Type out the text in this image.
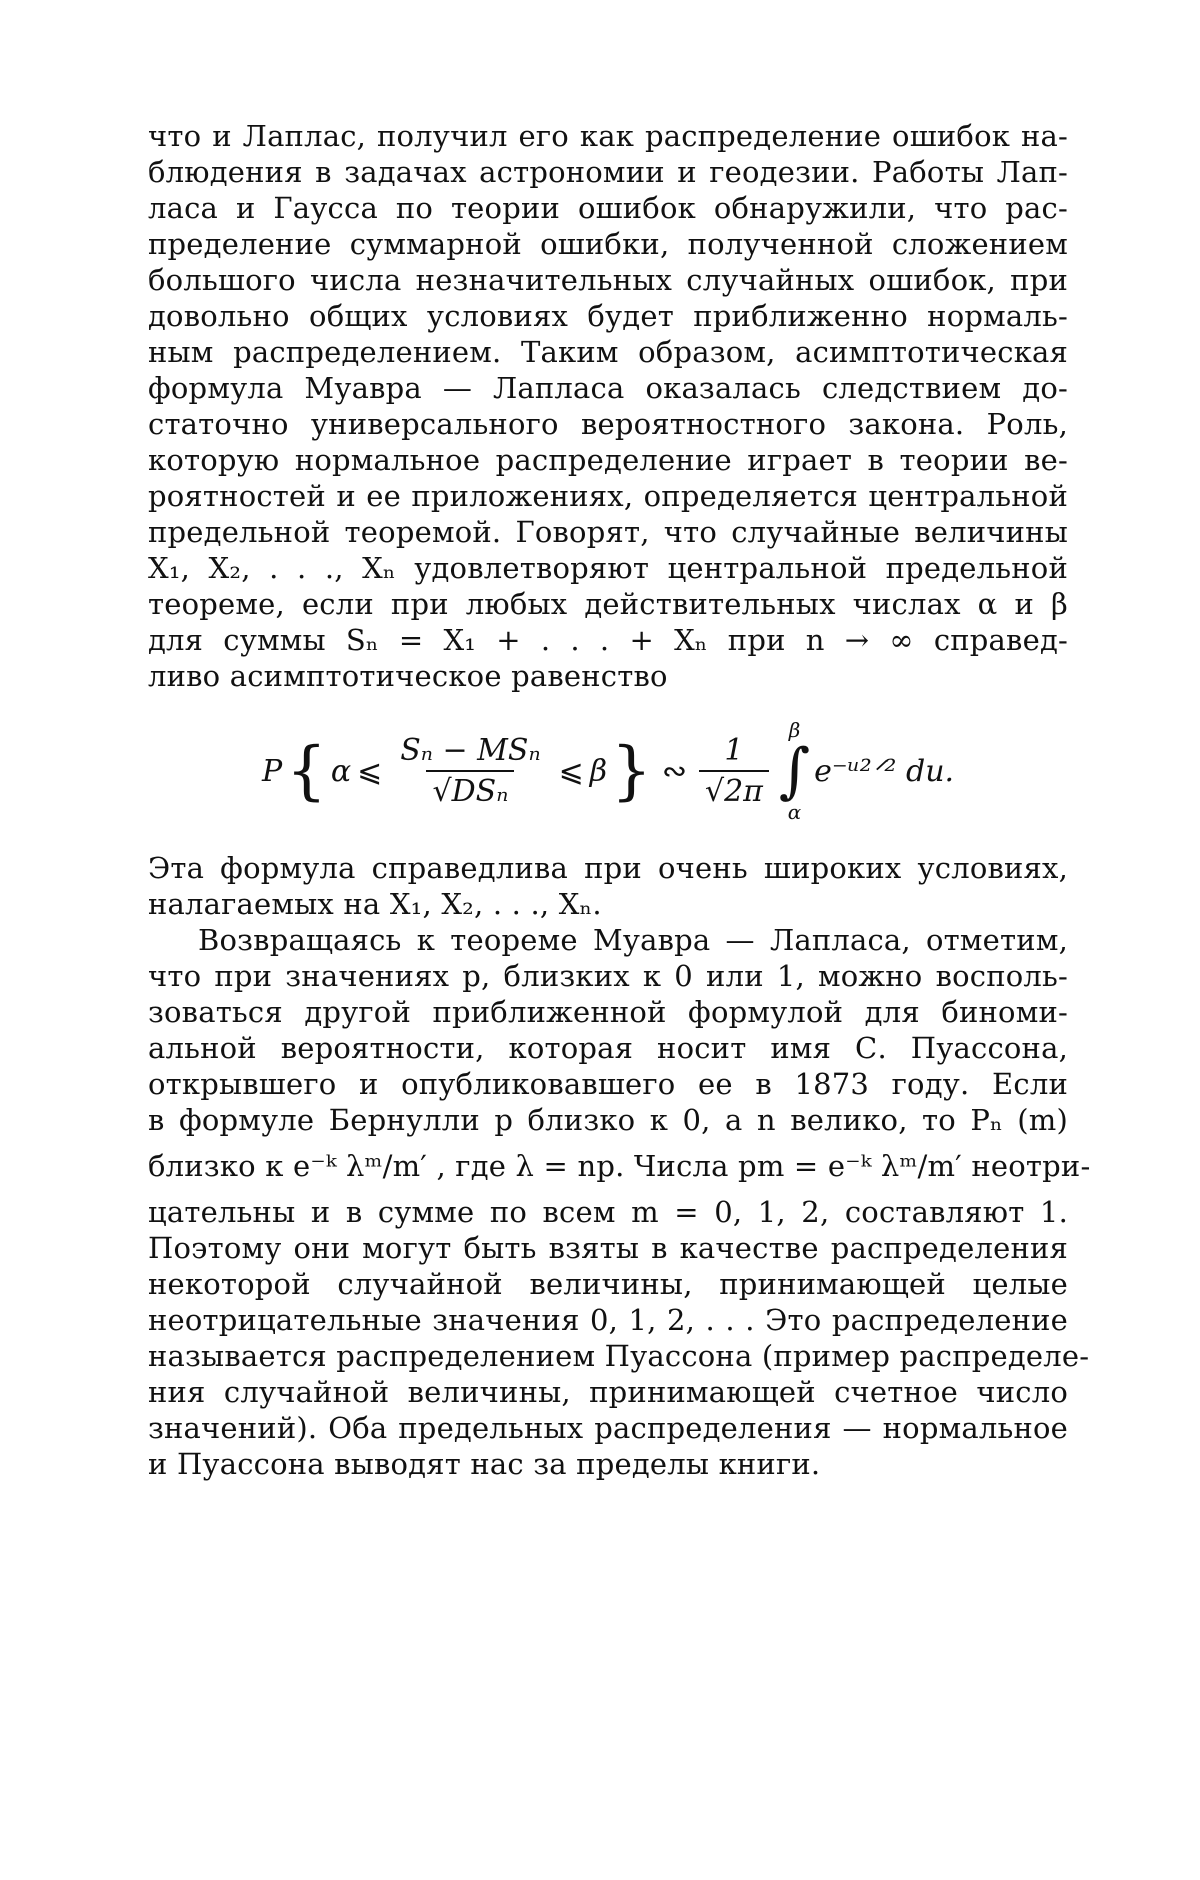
что и Лаплас, получил его как распределение ошибок на-
блюдения в задачах астрономии и геодезии. Работы Лап-
ласа и Гаусса по теории ошибок обнаружили, что рас-
пределение суммарной ошибки, полученной сложением
большого числа незначительных случайных ошибок, при
довольно общих условиях будет приближенно нормаль-
ным распределением. Таким образом, асимптотическая
формула Муавра — Лапласа оказалась следствием до-
статочно универсального вероятностного закона. Роль,
которую нормальное распределение играет в теории ве-
роятностей и ее приложениях, определяется центральной
предельной теоремой. Говорят, что случайные величины
X₁, X₂, . . ., Xₙ удовлетворяют центральной предельной
теореме, если при любых действительных числах α и β
для суммы Sₙ = X₁ + . . . + Xₙ при n → ∞ справед-
ливо асимптотическое равенство
P { α ⩽ $\frac{\text{Sₙ − MSₙ}}{\text{√DSₙ}}$ ⩽ β } ∾ $\frac{1}{√2\pi}$
β
∫
α
e⁻ᵘ²ᐟ² du.
Эта формула справедлива при очень широких условиях,
налагаемых на X₁, X₂, . . ., Xₙ.
Возвращаясь к теореме Муавра — Лапласа, отметим,
что при значениях p, близких к 0 или 1, можно восполь-
зоваться другой приближенной формулой для биноми-
альной вероятности, которая носит имя С. Пуассона,
открывшего и опубликовавшего ее в 1873 году. Если
в формуле Бернулли p близко к 0, а n велико, то Pₙ (m)
близко к e⁻ᵏ λᵐ/m′ , где λ = np. Числа pm = e⁻ᵏ λᵐ/m′ неотри-
цательны и в сумме по всем m = 0, 1, 2, составляют 1.
Поэтому они могут быть взяты в качестве распределения
некоторой случайной величины, принимающей целые
неотрицательные значения 0, 1, 2, . . . Это распределение
называется распределением Пуассона (пример распределе-
ния случайной величины, принимающей счетное число
значений). Оба предельных распределения — нормальное
и Пуассона выводят нас за пределы книги.
